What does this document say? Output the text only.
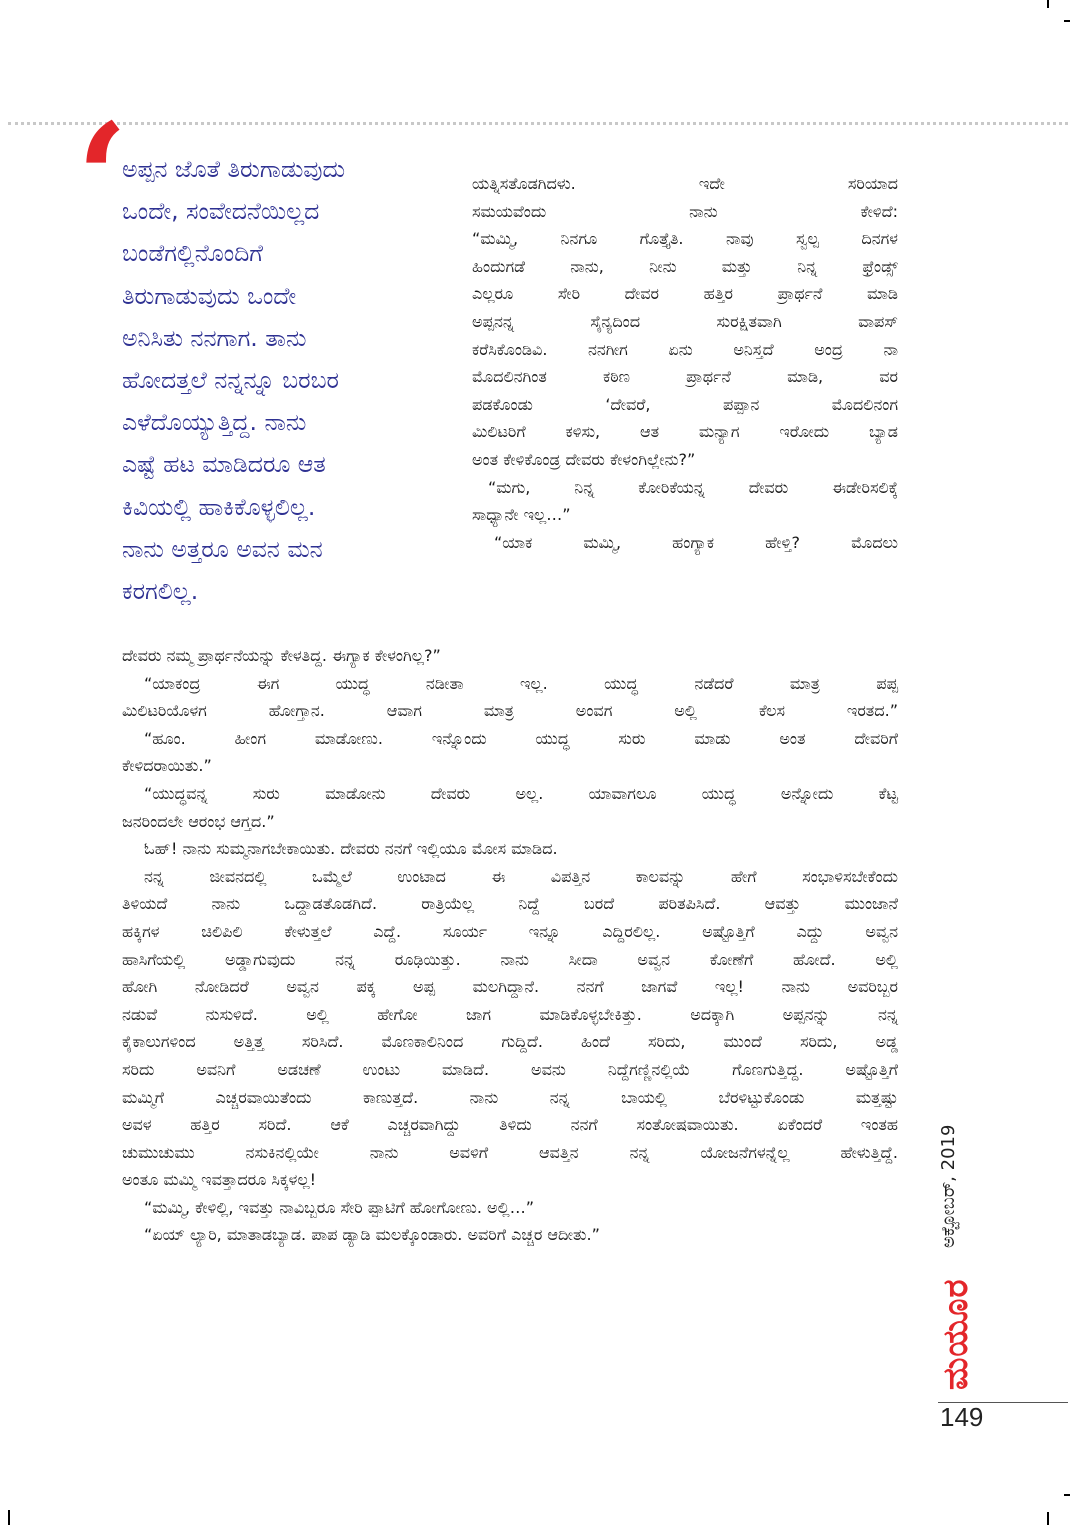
‘
ಅಪ್ಪನ ಜೊತೆ ತಿರುಗಾಡುವುದು
ಒಂದೇ, ಸಂವೇದನೆಯಿಲ್ಲದ
ಬಂಡೆಗಲ್ಲಿನೊಂದಿಗೆ
ತಿರುಗಾಡುವುದು ಒಂದೇ
ಅನಿಸಿತು ನನಗಾಗ. ತಾನು
ಹೋದತ್ತಲೆ ನನ್ನನ್ನೂ ಬರಬರ
ಎಳೆದೊಯ್ಯುತ್ತಿದ್ದ. ನಾನು
ಎಷ್ಟೆ ಹಟ ಮಾಡಿದರೂ ಆತ
ಕಿವಿಯಲ್ಲಿ ಹಾಕಿಕೊಳ್ಳಲಿಲ್ಲ.
ನಾನು ಅತ್ತರೂ ಅವನ ಮನ
ಕರಗಲಿಲ್ಲ.
ಯತ್ನಿಸತೊಡಗಿದಳು. ಇದೇ ಸರಿಯಾದ
ಸಮಯವೆಂದು ನಾನು ಕೇಳಿದೆ:
“ಮಮ್ಮಿ, ನಿನಗೂ ಗೊತ್ತೈತಿ. ನಾವು ಸ್ವಲ್ಪ ದಿನಗಳ
ಹಿಂದುಗಡೆ ನಾನು, ನೀನು ಮತ್ತು ನಿನ್ನ ಫ್ರೆಂಡ್ಸ್
ಎಲ್ಲರೂ ಸೇರಿ ದೇವರ ಹತ್ತಿರ ಪ್ರಾರ್ಥನೆ ಮಾಡಿ
ಅಪ್ಪನನ್ನ ಸೈನ್ಯದಿಂದ ಸುರಕ್ಷಿತವಾಗಿ ವಾಪಸ್
ಕರೆಸಿಕೊಂಡಿವಿ. ನನಗೀಗ ಏನು ಅನಿಸ್ತದೆ ಅಂದ್ರ ನಾ
ಮೊದಲಿನಗಿಂತ ಕಠಿಣ ಪ್ರಾರ್ಥನೆ ಮಾಡಿ, ವರ
ಪಡಕೊಂಡು ‘ದೇವರೆ, ಪಪ್ಪಾನ ಮೊದಲಿನಂಗ
ಮಿಲಿಟರಿಗೆ ಕಳಿಸು, ಆತ ಮನ್ಯಾಗ ಇರೋದು ಬ್ಯಾಡ
ಅಂತ ಕೇಳಿಕೊಂಡ್ರ ದೇವರು ಕೇಳಂಗಿಲ್ಲೇನು?”
“ಮಗು, ನಿನ್ನ ಕೋರಿಕೆಯನ್ನ ದೇವರು ಈಡೇರಿಸಲಿಕ್ಕೆ
ಸಾಧ್ಯಾನೇ ಇಲ್ಲ…”
“ಯಾಕ ಮಮ್ಮಿ, ಹಂಗ್ಯಾಕ ಹೇಳ್ತಿ? ಮೊದಲು
ದೇವರು ನಮ್ಮ ಪ್ರಾರ್ಥನೆಯನ್ನು ಕೇಳತಿದ್ದ. ಈಗ್ಯಾಕ ಕೇಳಂಗಿಲ್ಲ?”
“ಯಾಕಂದ್ರ ಈಗ ಯುದ್ಧ ನಡೀತಾ ಇಲ್ಲ. ಯುದ್ಧ ನಡೆದರೆ ಮಾತ್ರ ಪಪ್ಪ
ಮಿಲಿಟರಿಯೊಳಗ ಹೋಗ್ತಾನ. ಆವಾಗ ಮಾತ್ರ ಅಂವಗ ಅಲ್ಲಿ ಕೆಲಸ ಇರತದ.”
“ಹೂಂ. ಹೀಂಗ ಮಾಡೋಣು. ಇನ್ನೊಂದು ಯುದ್ಧ ಸುರು ಮಾಡು ಅಂತ ದೇವರಿಗೆ
ಕೇಳಿದರಾಯಿತು.”
“ಯುದ್ಧವನ್ನ ಸುರು ಮಾಡೋನು ದೇವರು ಅಲ್ಲ. ಯಾವಾಗಲೂ ಯುದ್ಧ ಅನ್ನೋದು ಕೆಟ್ಟ
ಜನರಿಂದಲೇ ಆರಂಭ ಆಗ್ತದ.”
ಓಹ್! ನಾನು ಸುಮ್ಮನಾಗಬೇಕಾಯಿತು. ದೇವರು ನನಗೆ ಇಲ್ಲಿಯೂ ಮೋಸ ಮಾಡಿದ.
ನನ್ನ ಜೀವನದಲ್ಲಿ ಒಮ್ಮೆಲೆ ಉಂಟಾದ ಈ ವಿಪತ್ತಿನ ಕಾಲವನ್ನು ಹೇಗೆ ಸಂಭಾಳಿಸಬೇಕೆಂದು
ತಿಳಿಯದೆ ನಾನು ಒದ್ದಾಡತೊಡಗಿದೆ. ರಾತ್ರಿಯೆಲ್ಲ ನಿದ್ದೆ ಬರದೆ ಪರಿತಪಿಸಿದೆ. ಆವತ್ತು ಮುಂಜಾನೆ
ಹಕ್ಕಿಗಳ ಚಿಲಿಪಿಲಿ ಕೇಳುತ್ತಲೆ ಎದ್ದೆ. ಸೂರ್ಯ ಇನ್ನೂ ಎದ್ದಿರಲಿಲ್ಲ. ಅಷ್ಟೊತ್ತಿಗೆ ಎದ್ದು ಅವ್ವನ
ಹಾಸಿಗೆಯಲ್ಲಿ ಅಡ್ಡಾಗುವುದು ನನ್ನ ರೂಢಿಯಿತ್ತು. ನಾನು ಸೀದಾ ಅವ್ವನ ಕೋಣೆಗೆ ಹೋದೆ. ಅಲ್ಲಿ
ಹೋಗಿ ನೋಡಿದರೆ ಅವ್ವನ ಪಕ್ಕ ಅಪ್ಪ ಮಲಗಿದ್ದಾನೆ. ನನಗೆ ಜಾಗವೆ ಇಲ್ಲ! ನಾನು ಅವರಿಬ್ಬರ
ನಡುವೆ ನುಸುಳಿದೆ. ಅಲ್ಲಿ ಹೇಗೋ ಜಾಗ ಮಾಡಿಕೊಳ್ಳಬೇಕಿತ್ತು. ಅದಕ್ಕಾಗಿ ಅಪ್ಪನನ್ನು ನನ್ನ
ಕೈಕಾಲುಗಳಿಂದ ಅತ್ತಿತ್ತ ಸರಿಸಿದೆ. ಮೊಣಕಾಲಿನಿಂದ ಗುದ್ದಿದೆ. ಹಿಂದೆ ಸರಿದು, ಮುಂದೆ ಸರಿದು, ಅಡ್ಡ
ಸರಿದು ಅವನಿಗೆ ಅಡಚಣೆ ಉಂಟು ಮಾಡಿದೆ. ಅವನು ನಿದ್ದೆಗಣ್ಣಿನಲ್ಲಿಯೆ ಗೊಣಗುತ್ತಿದ್ದ. ಅಷ್ಟೊತ್ತಿಗೆ
ಮಮ್ಮಿಗೆ ಎಚ್ಚರವಾಯಿತೆಂದು ಕಾಣುತ್ತದೆ. ನಾನು ನನ್ನ ಬಾಯಲ್ಲಿ ಬೆರಳಿಟ್ಟುಕೊಂಡು ಮತ್ತಷ್ಟು
ಅವಳ ಹತ್ತಿರ ಸರಿದೆ. ಆಕೆ ಎಚ್ಚರವಾಗಿದ್ದು ತಿಳಿದು ನನಗೆ ಸಂತೋಷವಾಯಿತು. ಏಕೆಂದರೆ ಇಂತಹ
ಚುಮುಚುಮು ನಸುಕಿನಲ್ಲಿಯೇ ನಾನು ಅವಳಿಗೆ ಆವತ್ತಿನ ನನ್ನ ಯೋಜನೆಗಳನ್ನೆಲ್ಲ ಹೇಳುತ್ತಿದ್ದೆ.
ಅಂತೂ ಮಮ್ಮಿ ಇವತ್ತಾದರೂ ಸಿಕ್ಕಳಲ್ಲ!
“ಮಮ್ಮಿ, ಕೇಳಿಲ್ಲಿ, ಇವತ್ತು ನಾವಿಬ್ಬರೂ ಸೇರಿ ಪ್ಪಾಟಿಗೆ ಹೋಗೋಣು. ಅಲ್ಲಿ…”
“ಏಯ್ ಲ್ಯಾರಿ, ಮಾತಾಡಬ್ಯಾಡ. ಪಾಪ ಡ್ಯಾಡಿ ಮಲಕ್ಕೊಂಡಾರು. ಅವರಿಗೆ ಎಚ್ಚರ ಆದೀತು.”	ಅಕ್ಟೋಬರ್, 2019
ಮಯೂರ
149
